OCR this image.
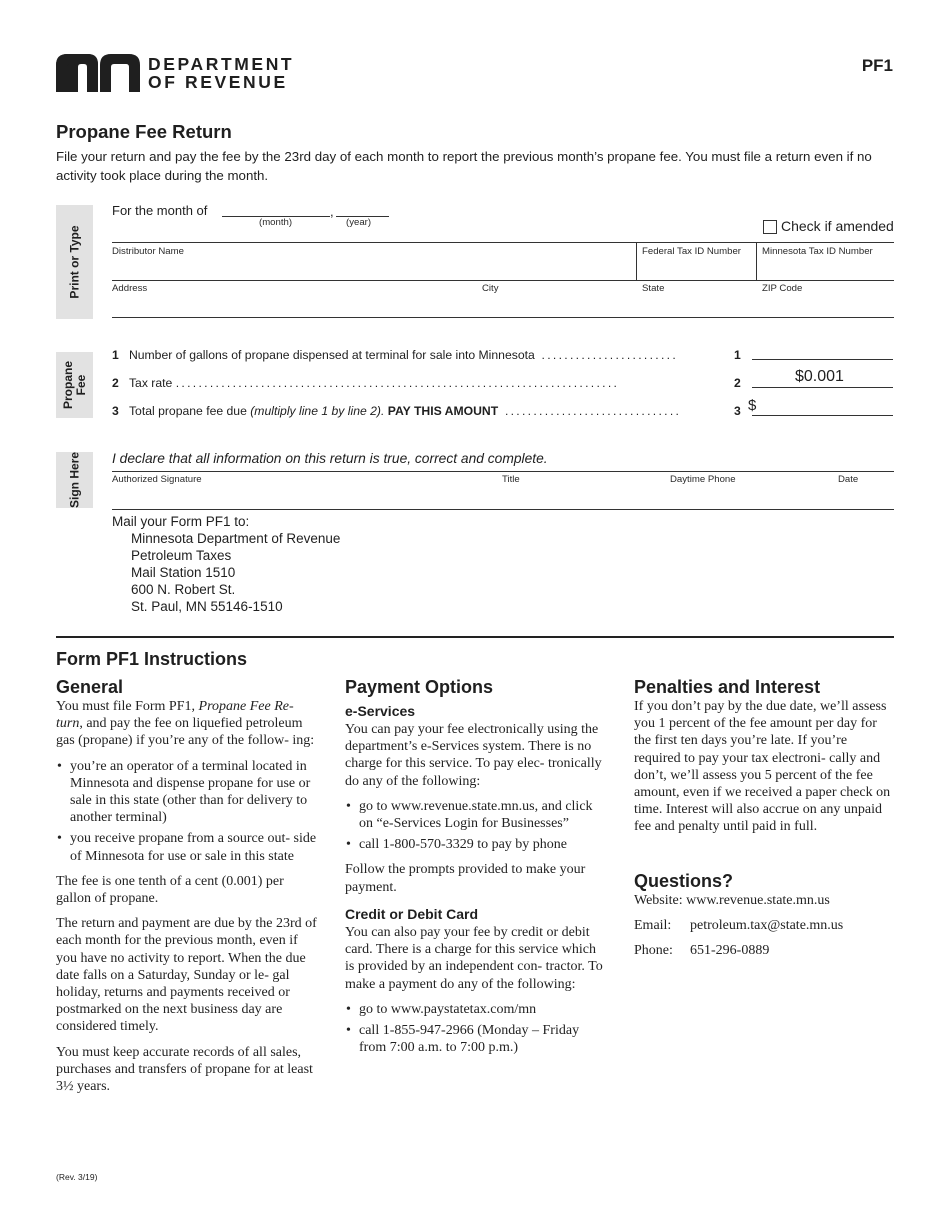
DEPARTMENT
OF REVENUE
PF1
Propane Fee Return
File your return and pay the fee by the 23rd day of each month to report the previous month’s propane fee. You must file a return even if no activity took place during the month.
Print or Type
For the month of	,
(month)	(year)	Check if amended
Distributor Name	Federal Tax ID Number Minnesota Tax ID Number
Address	City	State	ZIP Code
Propane
Fee
1 Number of gallons of propane dispensed at terminal for sale into Minnesota ........................	1
2 Tax rate ..............................................................................	2	$0.001
3 Total propane fee due (multiply line 1 by line 2). PAY THIS AMOUNT ...............................	3 $
Sign Here I declare that all information on this return is true, correct and complete.
Authorized Signature	Title	Daytime Phone	Date
Mail your Form PF1 to:
Minnesota Department of Revenue
Petroleum Taxes
Mail Station 1510
600 N. Robert St.
St. Paul, MN 55146-1510
Form PF1 Instructions
General

You must file Form PF1, Propane Fee Re- turn, and pay the fee on liquefied petroleum gas (propane) if you’re any of the follow- ing:

• you’re an operator of a terminal located in Minnesota and dispense propane for use or sale in this state (other than for delivery to another terminal)
• you receive propane from a source out- side of Minnesota for use or sale in this state

The fee is one tenth of a cent (0.001) per gallon of propane.

The return and payment are due by the 23rd of each month for the previous month, even if you have no activity to report. When the due date falls on a Saturday, Sunday or le- gal holiday, returns and payments received or postmarked on the next business day are considered timely.

You must keep accurate records of all sales, purchases and transfers of propane for at least 3½ years.

Payment Options
e-Services

You can pay your fee electronically using the department’s e-Services system. There is no charge for this service. To pay elec- tronically do any of the following:

• go to www.revenue.state.mn.us, and click on “e-Services Login for Businesses”
• call 1-800-570-3329 to pay by phone

Follow the prompts provided to make your payment.

Credit or Debit Card

You can also pay your fee by credit or debit card. There is a charge for this service which is provided by an independent con- tractor. To make a payment do any of the following:

• go to www.paystatetax.com/mn
• call 1-855-947-2966 (Monday – Friday from 7:00 a.m. to 7:00 p.m.)
Penalties and Interest

If you don’t pay by the due date, we’ll assess you 1 percent of the fee amount per day for the first ten days you’re late. If you’re required to pay your tax electroni- cally and don’t, we’ll assess you 5 percent of the fee amount, even if we received a paper check on time. Interest will also accrue on any unpaid fee and penalty until paid in full.

Questions?

Website: www.revenue.state.mn.us

Email:	petroleum.tax@state.mn.us
Phone:	651-296-0889
(Rev. 3/19)
